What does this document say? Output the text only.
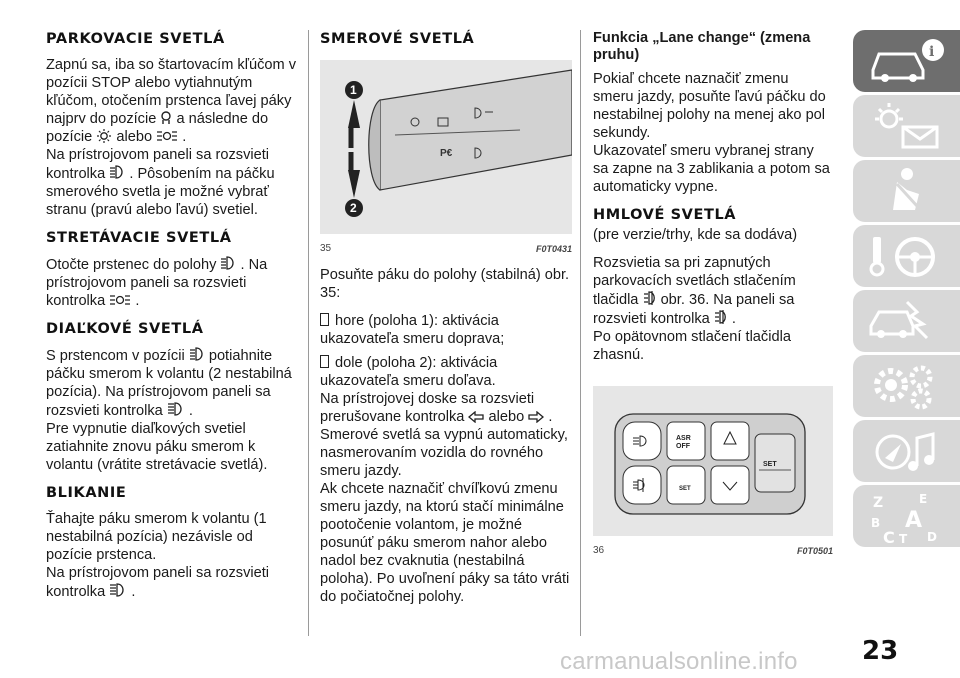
PARKOVACIE SVETLÁ

Zapnú sa, iba so štartovacím kľúčom v pozícii STOP alebo vytiahnutým kľúčom, otočením prstenca ľavej páky najprv do pozície a následne do pozície alebo .
Na prístrojovom paneli sa rozsvieti kontrolka . Pôsobením na páčku smerového svetla je možné vybrať stranu (pravú alebo ľavú) svetiel.

STRETÁVACIE SVETLÁ

Otočte prstenec do polohy . Na prístrojovom paneli sa rozsvieti kontrolka .

DIAĽKOVÉ SVETLÁ

S prstencom v pozícii potiahnite páčku smerom k volantu (2 nestabilná pozícia). Na prístrojovom paneli sa rozsvieti kontrolka .
Pre vypnutie diaľkových svetiel zatiahnite znovu páku smerom k volantu (vrátite stretávacie svetlá).

BLIKANIE

Ťahajte páku smerom k volantu (1 nestabilná pozícia) nezávisle od pozície prstenca.
Na prístrojovom paneli sa rozsvieti kontrolka .

SMEROVÉ SVETLÁ
P€
1
2
35	F0T0431

Posuňte páku do polohy (stabilná) obr. 35:

hore (poloha 1): aktivácia ukazovateľa smeru doprava;

dole (poloha 2): aktivácia ukazovateľa smeru doľava.

Na prístrojovej doske sa rozsvieti prerušovane kontrolka alebo .
Smerové svetlá sa vypnú automaticky, nasmerovaním vozidla do rovného smeru jazdy.
Ak chcete naznačiť chvíľkovú zmenu smeru jazdy, na ktorú stačí minimálne pootočenie volantom, je možné posunúť páku smerom nahor alebo nadol bez cvaknutia (nestabilná poloha). Po uvoľnení páky sa táto vráti do počiatočnej polohy.

Funkcia „Lane change“ (zmena pruhu)

Pokiaľ chcete naznačiť zmenu smeru jazdy, posuňte ľavú páčku do nestabilnej polohy na menej ako pol sekundy.
Ukazovateľ smeru vybranej strany sa zapne na 3 zablikania a potom sa automaticky vypne.

HMLOVÉ SVETLÁ

(pre verzie/trhy, kde sa dodáva)

Rozsvietia sa pri zapnutých parkovacích svetlách stlačením tlačidla obr. 36. Na paneli sa rozsvieti kontrolka .
Po opätovnom stlačení tlačidla zhasnú.

ASR
OFF
SET
SET
36	F0T0501
i
Z	E
B A
C T D
carmanualsonline.info 23
